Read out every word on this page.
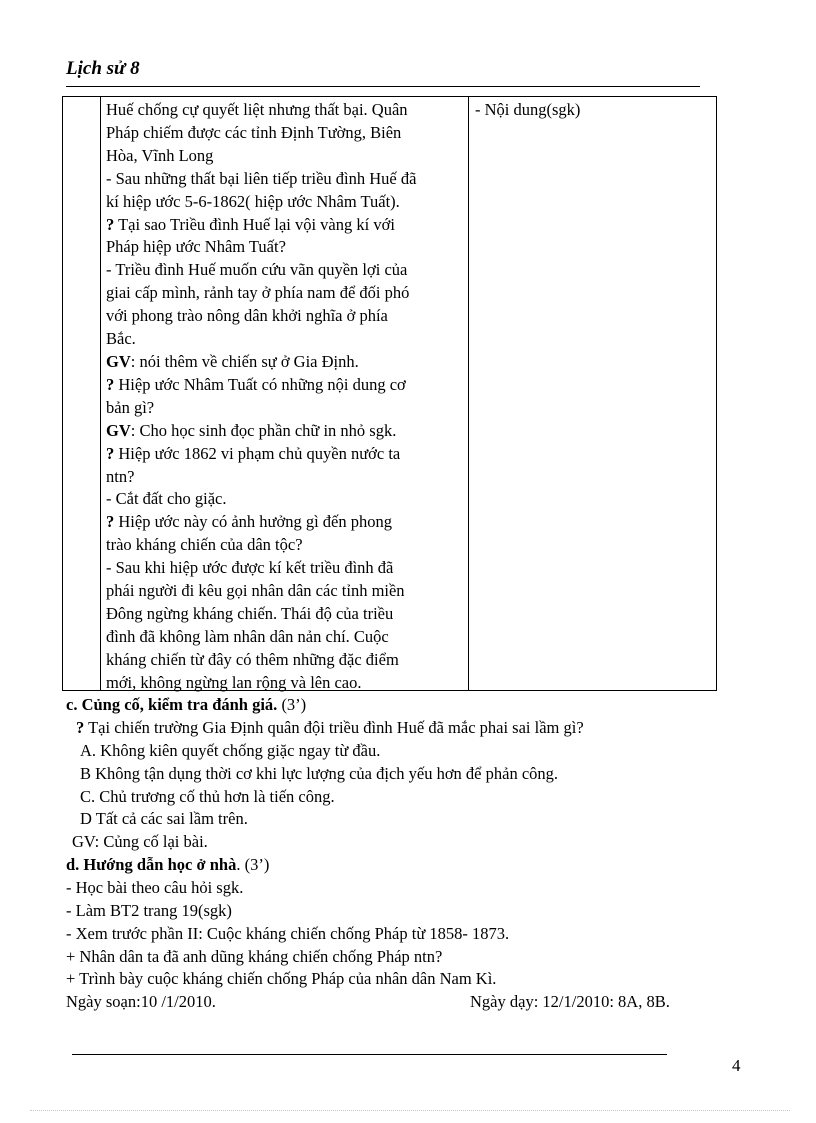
Lịch sử 8
Huế chống cự quyết liệt nhưng thất bại. Quân
Pháp chiếm được các tỉnh Định Tường, Biên
Hòa, Vĩnh Long
- Sau những thất bại liên tiếp triều đình Huế đã
kí hiệp ước 5-6-1862( hiệp ước Nhâm Tuất).
? Tại sao Triều đình Huế lại vội vàng kí với
Pháp hiệp ước Nhâm Tuất?
- Triều đình Huế muốn cứu vãn quyền lợi của
giai cấp mình, rảnh tay ở phía nam để đối phó
với phong trào nông dân khởi nghĩa ở phía
Bắc.
GV: nói thêm về chiến sự ở Gia Định.
? Hiệp ước Nhâm Tuất có những nội dung cơ
bản gì?
GV: Cho học sinh đọc phần chữ in nhỏ sgk.
? Hiệp ước 1862 vi phạm chủ quyền nước ta
ntn?
- Cắt đất cho giặc.
? Hiệp ước này có ảnh hưởng gì đến phong
trào kháng chiến của dân tộc?
- Sau khi hiệp ước được kí kết triều đình đã
phái người đi kêu gọi nhân dân các tỉnh miền
Đông ngừng kháng chiến. Thái độ của triều
đình đã không làm nhân dân nản chí. Cuộc
kháng chiến từ đây có thêm những đặc điểm
mới, không ngừng lan rộng và lên cao.
- Nội dung(sgk)
c. Củng cố, kiểm tra đánh giá. (3’)
? Tại chiến trường Gia Định quân đội triều đình Huế đã mắc phai sai lầm gì?
A. Không kiên quyết chống giặc ngay từ đầu.
B Không tận dụng thời cơ khi lực lượng của địch yếu hơn để phản công.
C. Chủ trương cố thủ hơn là tiến công.
D Tất cả các sai lầm trên.
GV: Củng cố lại bài.
d. Hướng dẫn học ở nhà. (3’)
- Học bài theo câu hỏi sgk.
- Làm BT2 trang 19(sgk)
- Xem trước phần II: Cuộc kháng chiến chống Pháp từ 1858- 1873.
+ Nhân dân ta đã anh dũng kháng chiến chống Pháp ntn?
+ Trình bày cuộc kháng chiến chống Pháp của nhân dân Nam Kì.
Ngày soạn:10 /1/2010.	Ngày dạy: 12/1/2010: 8A, 8B.
4
